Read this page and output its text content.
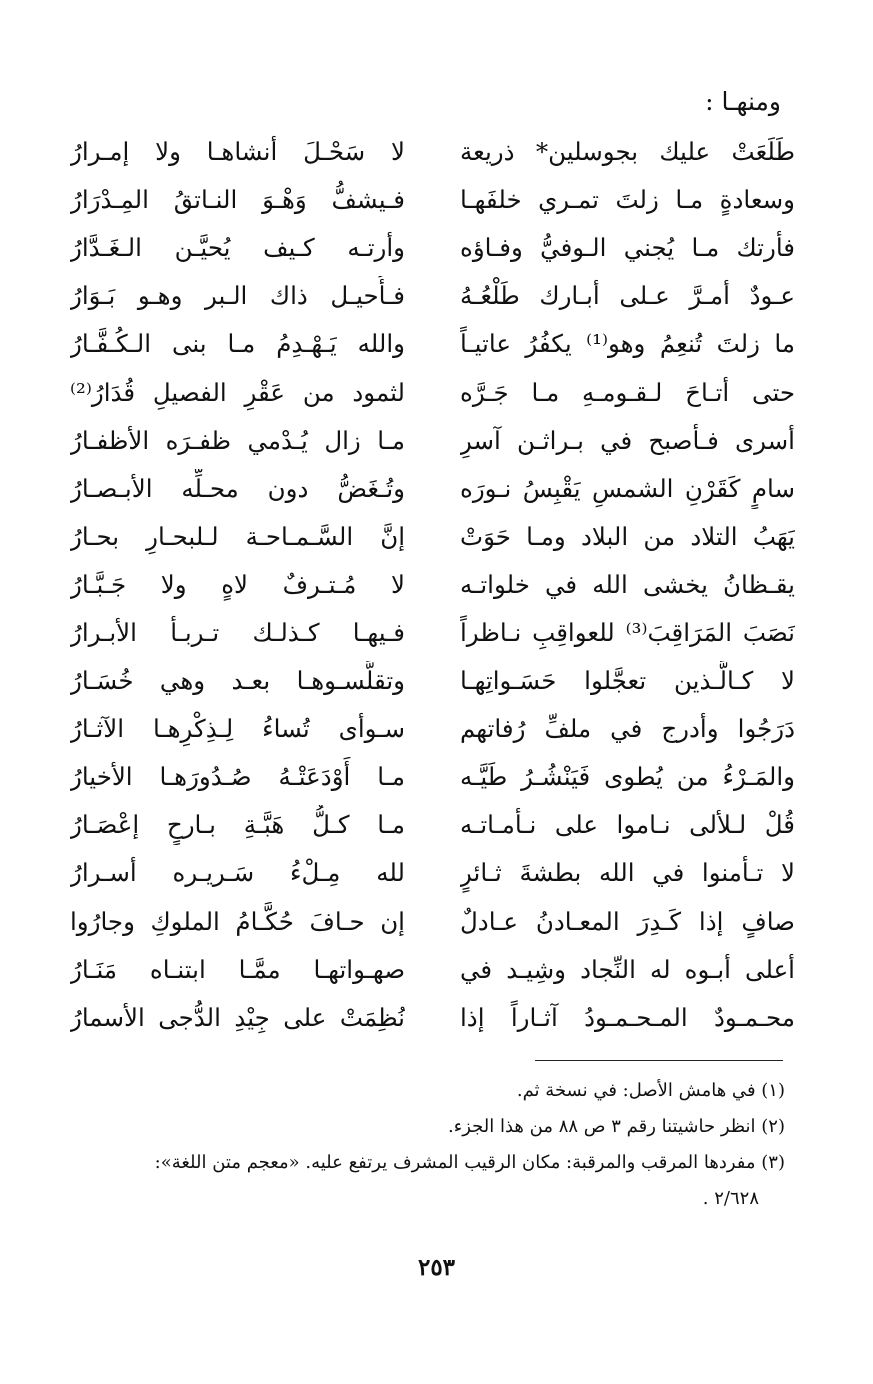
ومنهـا :
طَلَعَتْ عليك بجوسلين* ذريعة
لا سَحْـلَ أنشاهـا ولا إمـرارُ
وسعادةٍ مـا زلتَ تمـري خلفَهـا
فـيشفُّ وَهْـوَ النـاتقُ المِـدْرَارُ
فأرتك مـا يُجني الـوفيُّ وفـاؤه
وأرتـه كـيف يُحيَّـن الـغَـدَّارُ
عـودٌ أمـرَّ عـلى أبـارك طَلْعُـهُ
فـأُحيـل ذاك الـبر وهـو بَـوَارُ
ما زلتَ تُنعِمُ وهو⁽¹⁾ يكفُرُ عاتيـاً
والله يَـهْـدِمُ مـا بنى الـكُـفَّـارُ
حتى أتـاحَ لـقـومـهِ مـا جَـرَّه
لثمود من عَقْرِ الفصيلِ قُدَارُ⁽²⁾
أسرى فـأصبح في بـراثـن آسرِ
مـا زال يُـدْمي ظفـرَه الأظفـارُ
سامٍ كَقَرْنِ الشمسِ يَقْبِسُ نـورَه
وتُـغَضُّ دون محـلِّه الأبـصـارُ
يَهَبُ التلاد من البلاد ومـا حَوَتْ
إنَّ السَّـمـاحـة لـلبحـارِ بحـارُ
يقـظانُ يخشى الله في خلواتـه
لا مُـتـرفٌ لاهٍ ولا جَـبَّـارُ
نَصَبَ المَرَاقِبَ⁽³⁾ للعواقِبِ نـاظراً
فـيهـا كـذلـك تـربـأ الأبـرارُ
لا كـالَّـذين تعجَّلوا حَسَـواتِهـا
وتقلَّسـوهـا بعـد وهي خُسَـارُ
دَرَجُوا وأدرج في ملفِّ رُفاتهم
سـوأى تُساءُ لِـذِكْرِهـا الآثـارُ
والمَـرْءُ من يُطوى فَيَنْشُـرُ طَيَّـه
مـا أَوْدَعَتْـهُ صُـدُورَهـا الأخيارُ
قُلْ لـلألى نـاموا على نـأمـاتـه
مـا كـلُّ هَبَّـةِ بـارحٍ إعْصَـارُ
لا تـأمنوا في الله بطشةَ ثـائرٍ
لله مِـلْءُ سَـريـره أسـرارُ
صافٍ إذا كَـدِرَ المعـادنُ عـادلٌ
إن حـافَ حُكَّـامُ الملوكِ وجارُوا
أعلى أبـوه له النِّجاد وشِيـد في
صهـواتهـا ممَّـا ابتنـاه مَنَـارُ
محـمـودٌ المـحـمـودُ آثـاراً إذا
نُظِمَتْ على جِيْدِ الدُّجى الأسمارُ
(١) في هامش الأصل: في نسخة ثم.
(٢) انظر حاشيتنا رقم ٣ ص ٨٨ من هذا الجزء.
(٣) مفردها المرقب والمرقبة: مكان الرقيب المشرف يرتفع عليه. «معجم متن اللغة»:
٢/٦٢٨ .
٢٥٣
